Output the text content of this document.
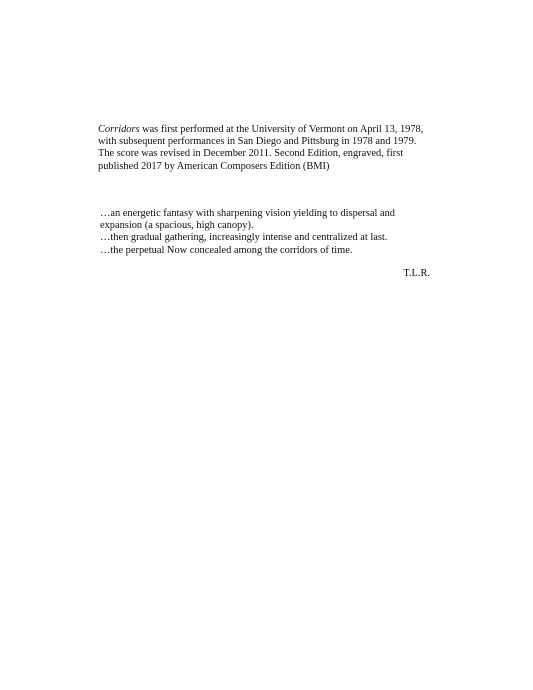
Corridors was first performed at the University of Vermont on April 13, 1978,

with subsequent performances in San Diego and Pittsburg in 1978 and 1979.

The score was revised in December 2011. Second Edition, engraved, first

published 2017 by American Composers Edition (BMI)

…an energetic fantasy with sharpening vision yielding to dispersal and

expansion (a spacious, high canopy).

…then gradual gathering, increasingly intense and centralized at last.

…the perpetual Now concealed among the corridors of time.

T.L.R.
